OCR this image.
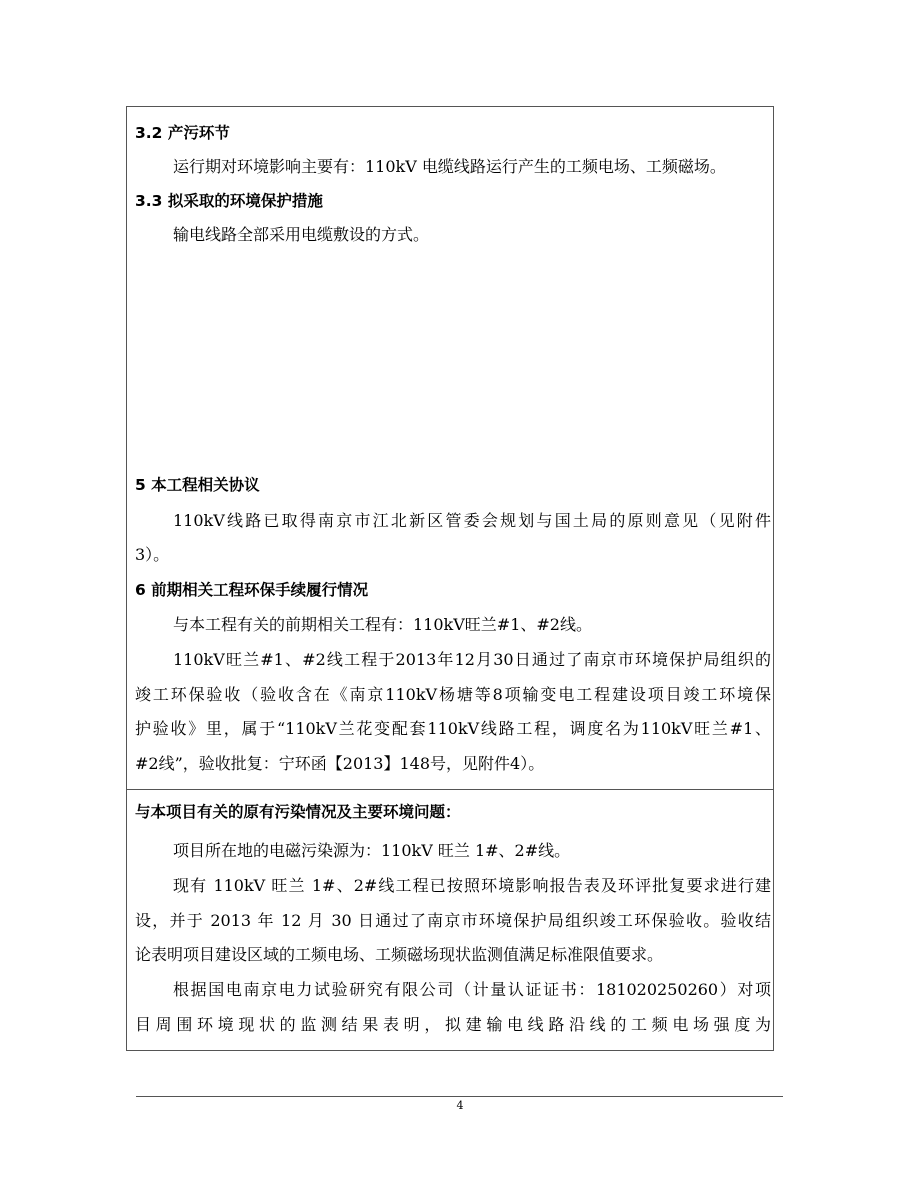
3.2 产污环节
运行期对环境影响主要有：110kV 电缆线路运行产生的工频电场、工频磁场。
3.3 拟采取的环境保护措施
输电线路全部采用电缆敷设的方式。
5 本工程相关协议
110kV线路已取得南京市江北新区管委会规划与国土局的原则意见（见附件
3）。
6 前期相关工程环保手续履行情况
与本工程有关的前期相关工程有：110kV旺兰#1、#2线。
110kV旺兰#1、#2线工程于2013年12月30日通过了南京市环境保护局组织的
竣工环保验收（验收含在《南京110kV杨塘等8项输变电工程建设项目竣工环境保
护验收》里，属于“110kV兰花变配套110kV线路工程，调度名为110kV旺兰#1、
#2线”，验收批复：宁环函【2013】148号，见附件4）。
与本项目有关的原有污染情况及主要环境问题：
项目所在地的电磁污染源为：110kV 旺兰 1#、2#线。
现有 110kV 旺兰 1#、2#线工程已按照环境影响报告表及环评批复要求进行建
设，并于 2013 年 12 月 30 日通过了南京市环境保护局组织竣工环保验收。验收结
论表明项目建设区域的工频电场、工频磁场现状监测值满足标准限值要求。
根据国电南京电力试验研究有限公司（计量认证证书：181020250260）对项
目周围环境现状的监测结果表明，拟建输电线路沿线的工频电场强度为
4
